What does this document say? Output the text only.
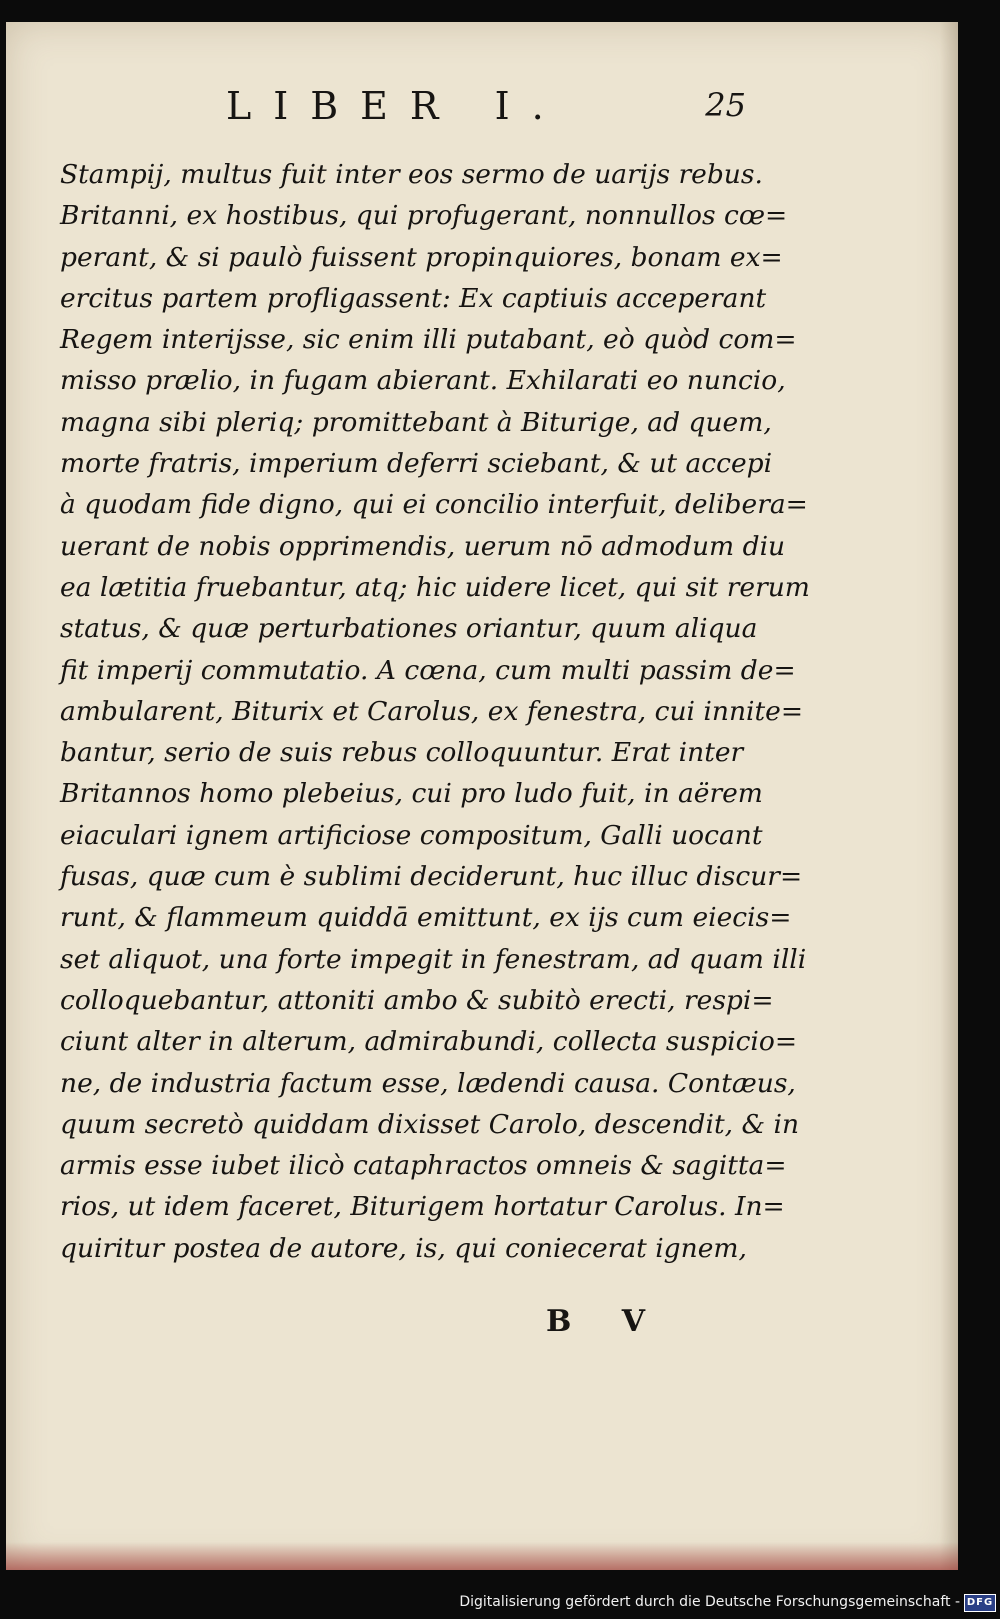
LIBER I.	25
Stampij, multus fuit inter eos sermo de uarijs rebus.
Britanni, ex hostibus, qui profugerant, nonnullos cœ=
perant, & si paulò fuissent propinquiores, bonam ex=
ercitus partem profligassent: Ex captiuis acceperant
Regem interijsse, sic enim illi putabant, eò quòd com=
misso prælio, in fugam abierant. Exhilarati eo nuncio,
magna sibi pleriq; promittebant à Biturige, ad quem,
morte fratris, imperium deferri sciebant, & ut accepi
à quodam fide digno, qui ei concilio interfuit, delibera=
uerant de nobis opprimendis, uerum nō admodum diu
ea lætitia fruebantur, atq; hic uidere licet, qui sit rerum
status, & quæ perturbationes oriantur, quum aliqua
fit imperij commutatio. A cœna, cum multi passim de=
ambularent, Biturix et Carolus, ex fenestra, cui innite=
bantur, serio de suis rebus colloquuntur. Erat inter
Britannos homo plebeius, cui pro ludo fuit, in aërem
eiaculari ignem artificiose compositum, Galli uocant
fusas, quæ cum è sublimi deciderunt, huc illuc discur=
runt, & flammeum quiddā emittunt, ex ijs cum eiecis=
set aliquot, una forte impegit in fenestram, ad quam illi
colloquebantur, attoniti ambo & subitò erecti, respi=
ciunt alter in alterum, admirabundi, collecta suspicio=
ne, de industria factum esse, lædendi causa. Contæus,
quum secretò quiddam dixisset Carolo, descendit, & in
armis esse iubet ilicò cataphractos omneis & sagitta=
rios, ut idem faceret, Biturigem hortatur Carolus. In=
quiritur postea de autore, is, qui coniecerat ignem,
B V
Digitalisierung gefördert durch die Deutsche Forschungsgemeinschaft - DFG
